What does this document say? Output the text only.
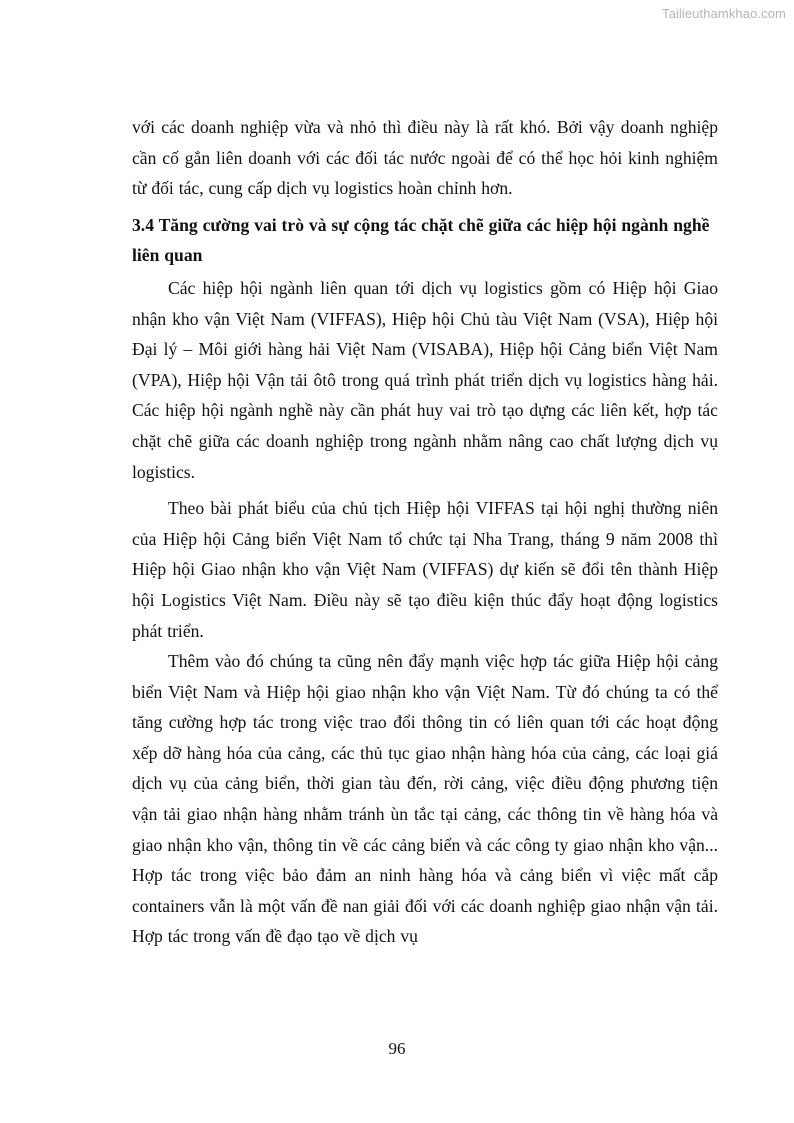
Tailieuthamkhao.com

với các doanh nghiệp vừa và nhỏ thì điều này là rất khó. Bởi vậy doanh nghiệp cần cố gắn liên doanh với các đối tác nước ngoài để có thể học hỏi kinh nghiệm từ đối tác, cung cấp dịch vụ logistics hoàn chỉnh hơn.

3.4 Tăng cường vai trò và sự cộng tác chặt chẽ giữa các hiệp hội ngành nghề liên quan

Các hiệp hội ngành liên quan tới dịch vụ logistics gồm có Hiệp hội Giao nhận kho vận Việt Nam (VIFFAS), Hiệp hội Chủ tàu Việt Nam (VSA), Hiệp hội Đại lý – Môi giới hàng hải Việt Nam (VISABA), Hiệp hội Cảng biển Việt Nam (VPA), Hiệp hội Vận tải ôtô trong quá trình phát triển dịch vụ logistics hàng hải. Các hiệp hội ngành nghề này cần phát huy vai trò tạo dựng các liên kết, hợp tác chặt chẽ giữa các doanh nghiệp trong ngành nhằm nâng cao chất lượng dịch vụ logistics.

Theo bài phát biểu của chủ tịch Hiệp hội VIFFAS tại hội nghị thường niên của Hiệp hội Cảng biển Việt Nam tổ chức tại Nha Trang, tháng 9 năm 2008 thì Hiệp hội Giao nhận kho vận Việt Nam (VIFFAS) dự kiến sẽ đổi tên thành Hiệp hội Logistics Việt Nam. Điều này sẽ tạo điều kiện thúc đẩy hoạt động logistics phát triển.

Thêm vào đó chúng ta cũng nên đẩy mạnh việc hợp tác giữa Hiệp hội cảng biển Việt Nam và Hiệp hội giao nhận kho vận Việt Nam. Từ đó chúng ta có thể tăng cường hợp tác trong việc trao đổi thông tin có liên quan tới các hoạt động xếp dỡ hàng hóa của cảng, các thủ tục giao nhận hàng hóa của cảng, các loại giá dịch vụ của cảng biển, thời gian tàu đến, rời cảng, việc điều động phương tiện vận tải giao nhận hàng nhằm tránh ùn tắc tại cảng, các thông tin về hàng hóa và giao nhận kho vận, thông tin về các cảng biển và các công ty giao nhận kho vận... Hợp tác trong việc bảo đảm an ninh hàng hóa và cảng biển vì việc mất cắp containers vẫn là một vấn đề nan giải đối với các doanh nghiệp giao nhận vận tải. Hợp tác trong vấn đề đạo tạo về dịch vụ

96
